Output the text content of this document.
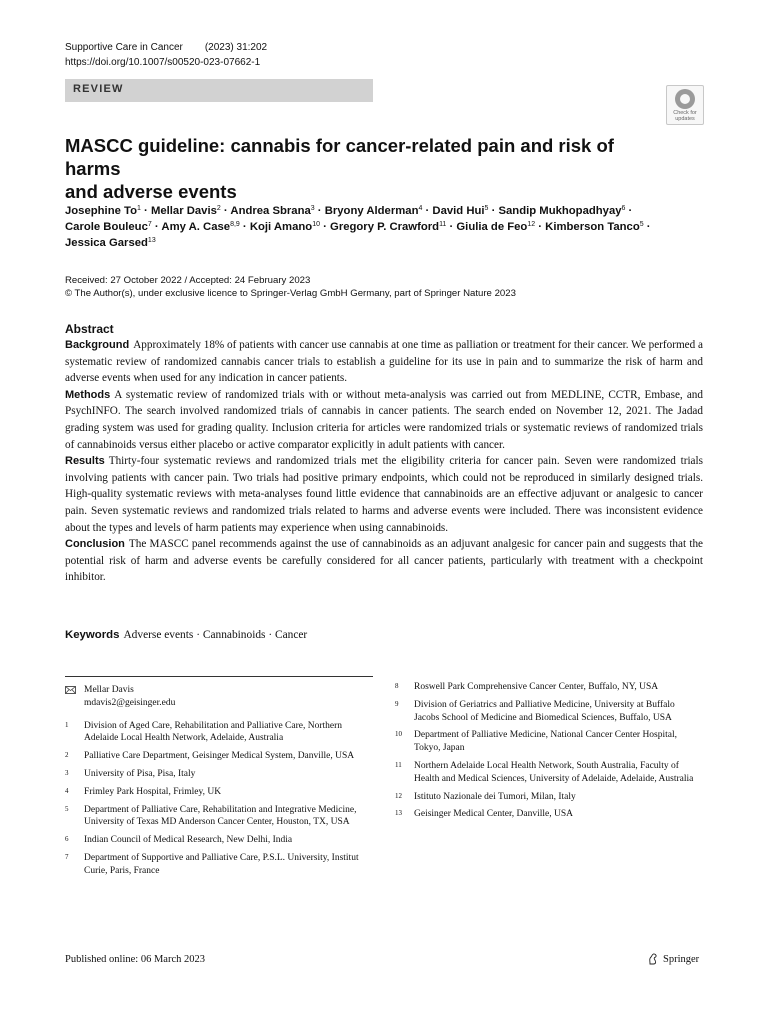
Supportive Care in Cancer (2023) 31:202
https://doi.org/10.1007/s00520-023-07662-1
REVIEW
Check for
updates
MASCC guideline: cannabis for cancer-related pain and risk of harms
and adverse events
Josephine $To^1$ · Mellar Davis$^2$ · Andrea Sbrana$^3$ · Bryony Alderman$^4$ · David Hui$^5$ · Sandip Mukhopadhyay$^6$ · Carole Bouleuc$^7$ · Amy A. Case$^{8,9}$ · Koji Amano$^{10}$ · Gregory P. Crawford$^{11}$ · Giulia de Feo$^{12}$ · Kimberson Tanco$^5$ · Jessica Garsed$^{13}$
Received: 27 October 2022 / Accepted: 24 February 2023
© The Author(s), under exclusive licence to Springer-Verlag GmbH Germany, part of Springer Nature 2023
Abstract

Background Approximately 18% of patients with cancer use cannabis at one time as palliation or treatment for their cancer. We performed a systematic review of randomized cannabis cancer trials to establish a guideline for its use in pain and to summarize the risk of harm and adverse events when used for any indication in cancer patients.

Methods A systematic review of randomized trials with or without meta-analysis was carried out from MEDLINE, CCTR, Embase, and PsychINFO. The search involved randomized trials of cannabis in cancer patients. The search ended on November 12, 2021. The Jadad grading system was used for grading quality. Inclusion criteria for articles were randomized trials or systematic reviews of randomized trials of cannabinoids versus either placebo or active comparator explicitly in adult patients with cancer.

Results Thirty-four systematic reviews and randomized trials met the eligibility criteria for cancer pain. Seven were randomized trials involving patients with cancer pain. Two trials had positive primary endpoints, which could not be reproduced in similarly designed trials. High-quality systematic reviews with meta-analyses found little evidence that cannabinoids are an effective adjuvant or analgesic to cancer pain. Seven systematic reviews and randomized trials related to harms and adverse events were included. There was inconsistent evidence about the types and levels of harm patients may experience when using cannabinoids.

Conclusion The MASCC panel recommends against the use of cannabinoids as an adjuvant analgesic for cancer pain and suggests that the potential risk of harm and adverse events be carefully considered for all cancer patients, particularly with treatment with a checkpoint inhibitor.

Keywords Adverse events · Cannabinoids · Cancer
Mellar Davis
mdavis2@geisinger.edu
1 Division of Aged Care, Rehabilitation and Palliative Care, Northern Adelaide Local Health Network, Adelaide, Australia
2 Palliative Care Department, Geisinger Medical System, Danville, USA
3 University of Pisa, Pisa, Italy
4 Frimley Park Hospital, Frimley, UK
5 Department of Palliative Care, Rehabilitation and Integrative Medicine, University of Texas MD Anderson Cancer Center, Houston, TX, USA
6 Indian Council of Medical Research, New Delhi, India
7 Department of Supportive and Palliative Care, P.S.L. University, Institut Curie, Paris, France
8 Roswell Park Comprehensive Cancer Center, Buffalo, NY, USA
9 Division of Geriatrics and Palliative Medicine, University at Buffalo Jacobs School of Medicine and Biomedical Sciences, Buffalo, USA
10 Department of Palliative Medicine, National Cancer Center Hospital, Tokyo, Japan
11 Northern Adelaide Local Health Network, South Australia, Faculty of Health and Medical Sciences, University of Adelaide, Adelaide, Australia
12 Istituto Nazionale dei Tumori, Milan, Italy
13 Geisinger Medical Center, Danville, USA
Published online: 06 March 2023	Springer
